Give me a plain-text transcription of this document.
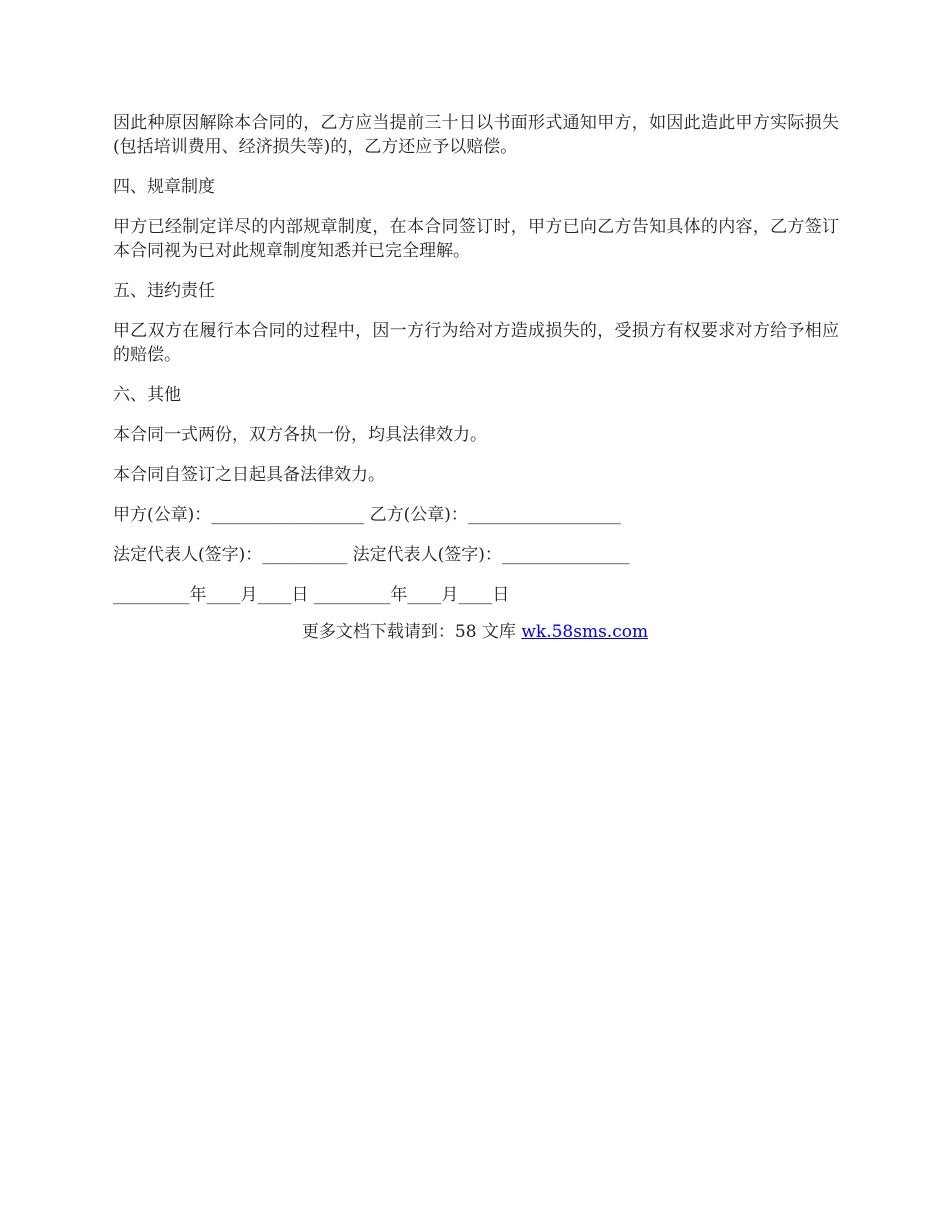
因此种原因解除本合同的，乙方应当提前三十日以书面形式通知甲方，如因此造此甲方实际损失(包括培训费用、经济损失等)的，乙方还应予以赔偿。

四、规章制度

甲方已经制定详尽的内部规章制度，在本合同签订时，甲方已向乙方告知具体的内容，乙方签订本合同视为已对此规章制度知悉并已完全理解。

五、违约责任

甲乙双方在履行本合同的过程中，因一方行为给对方造成损失的，受损方有权要求对方给予相应的赔偿。

六、其他

本合同一式两份，双方各执一份，均具法律效力。

本合同自签订之日起具备法律效力。

甲方(公章)：__________________ 乙方(公章)：__________________

法定代表人(签字)：__________ 法定代表人(签字)：_______________

_________年____月____日 _________年____月____日

更多文档下载请到：58 文库 wk.58sms.com
